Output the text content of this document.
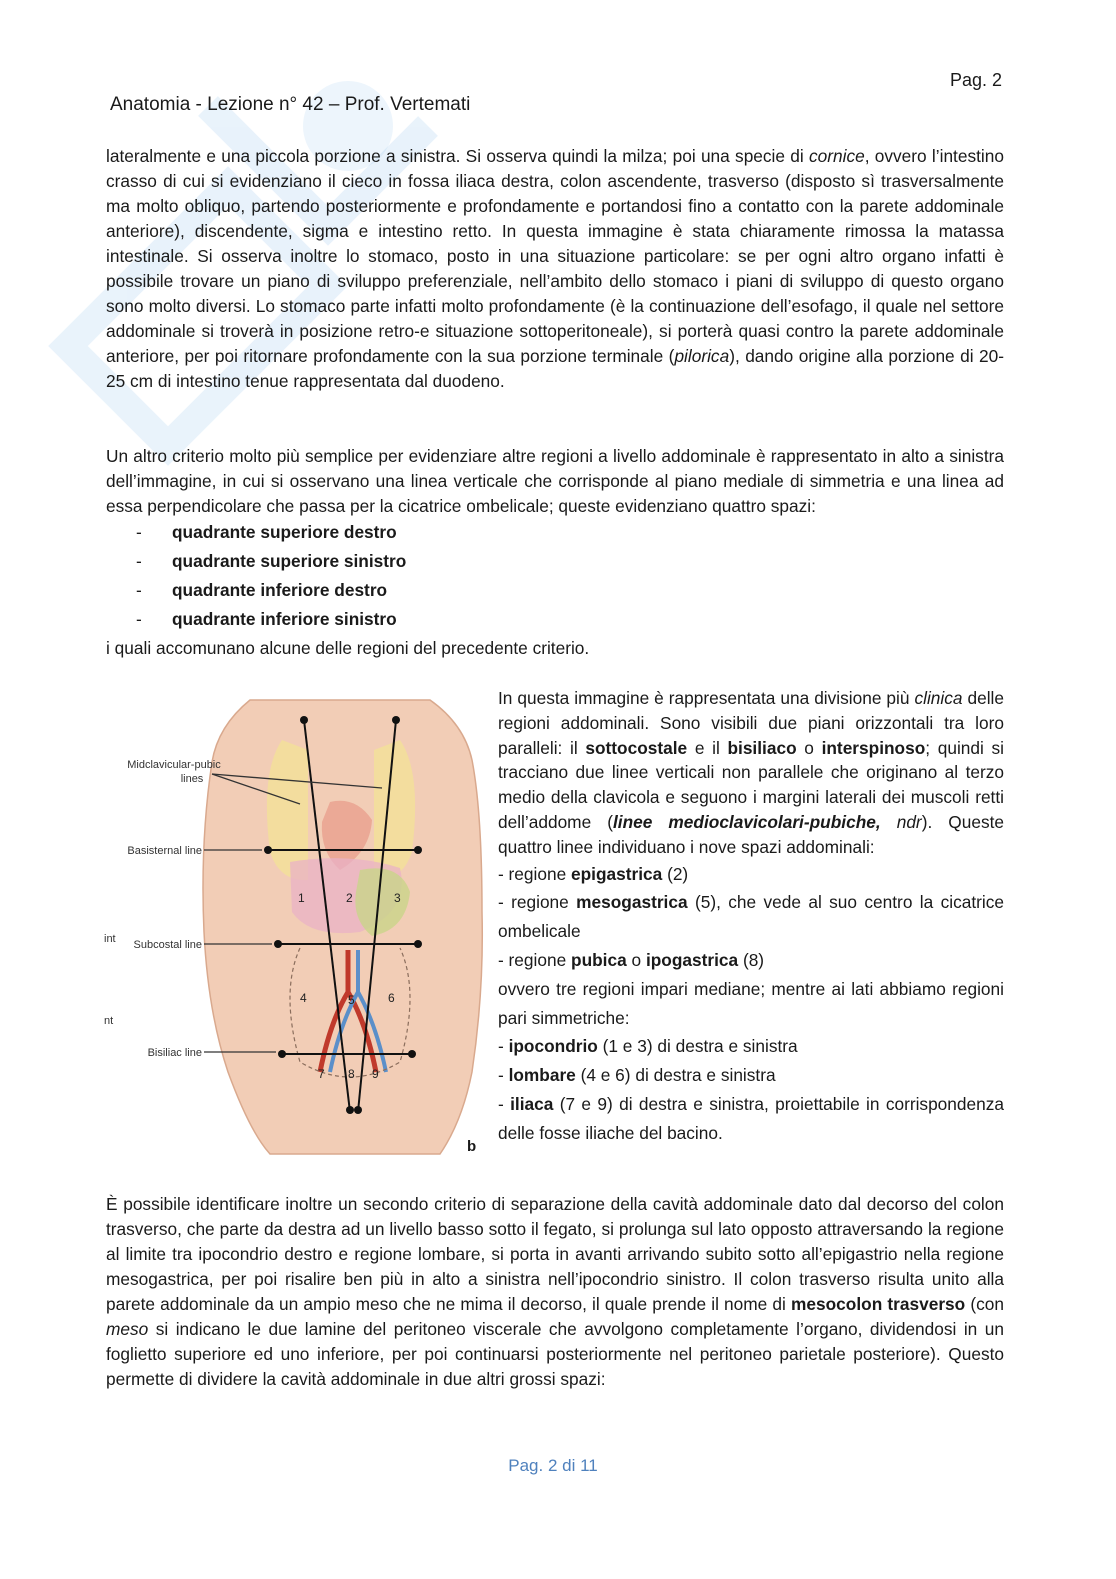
Pag. 2
Anatomia - Lezione n° 42 – Prof. Vertemati

lateralmente e una piccola porzione a sinistra. Si osserva quindi la milza; poi una specie di cornice, ovvero l’intestino crasso di cui si evidenziano il cieco in fossa iliaca destra, colon ascendente, trasverso (disposto sì trasversalmente ma molto obliquo, partendo posteriormente e profondamente e portandosi fino a contatto con la parete addominale anteriore), discendente, sigma e intestino retto. In questa immagine è stata chiaramente rimossa la matassa intestinale. Si osserva inoltre lo stomaco, posto in una situazione particolare: se per ogni altro organo infatti è possibile trovare un piano di sviluppo preferenziale, nell’ambito dello stomaco i piani di sviluppo di questo organo sono molto diversi. Lo stomaco parte infatti molto profondamente (è la continuazione dell’esofago, il quale nel settore addominale si troverà in posizione retro-e situazione sottoperitoneale), si porterà quasi contro la parete addominale anteriore, per poi ritornare profondamente con la sua porzione terminale (pilorica), dando origine alla porzione di 20-25 cm di intestino tenue rappresentata dal duodeno.

Un altro criterio molto più semplice per evidenziare altre regioni a livello addominale è rappresentato in alto a sinistra dell’immagine, in cui si osservano una linea verticale che corrisponde al piano mediale di simmetria e una linea ad essa perpendicolare che passa per la cicatrice ombelicale; queste evidenziano quattro spazi:

- quadrante superiore destro
- quadrante superiore sinistro
- quadrante inferiore destro
- quadrante inferiore sinistro

i quali accomunano alcune delle regioni del precedente criterio.

Midclavicular-pubic
lines
Basisternal line
Subcostal line
Bisiliac line
int
nt
1	2	3
4	5	6
7 8 9
b

In questa immagine è rappresentata una divisione più clinica delle regioni addominali. Sono visibili due piani orizzontali tra loro paralleli: il sottocostale e il bisiliaco o interspinoso; quindi si tracciano due linee verticali non parallele che originano al terzo medio della clavicola e seguono i margini laterali dei muscoli retti dell’addome (linee medioclavicolari-pubiche, ndr). Queste quattro linee individuano i nove spazi addominali:

- regione epigastrica (2)

- regione mesogastrica (5), che vede al suo centro la cicatrice ombelicale

- regione pubica o ipogastrica (8)

ovvero tre regioni impari mediane; mentre ai lati abbiamo regioni pari simmetriche:

- ipocondrio (1 e 3) di destra e sinistra

- lombare (4 e 6) di destra e sinistra

- iliaca (7 e 9) di destra e sinistra, proiettabile in corrispondenza delle fosse iliache del bacino.

È possibile identificare inoltre un secondo criterio di separazione della cavità addominale dato dal decorso del colon trasverso, che parte da destra ad un livello basso sotto il fegato, si prolunga sul lato opposto attraversando la regione al limite tra ipocondrio destro e regione lombare, si porta in avanti arrivando subito sotto all’epigastrio nella regione mesogastrica, per poi risalire ben più in alto a sinistra nell’ipocondrio sinistro. Il colon trasverso risulta unito alla parete addominale da un ampio meso che ne mima il decorso, il quale prende il nome di mesocolon trasverso (con meso si indicano le due lamine del peritoneo viscerale che avvolgono completamente l’organo, dividendosi in un foglietto superiore ed uno inferiore, per poi continuarsi posteriormente nel peritoneo parietale posteriore). Questo permette di dividere la cavità addominale in due altri grossi spazi:

Pag. 2 di 11
